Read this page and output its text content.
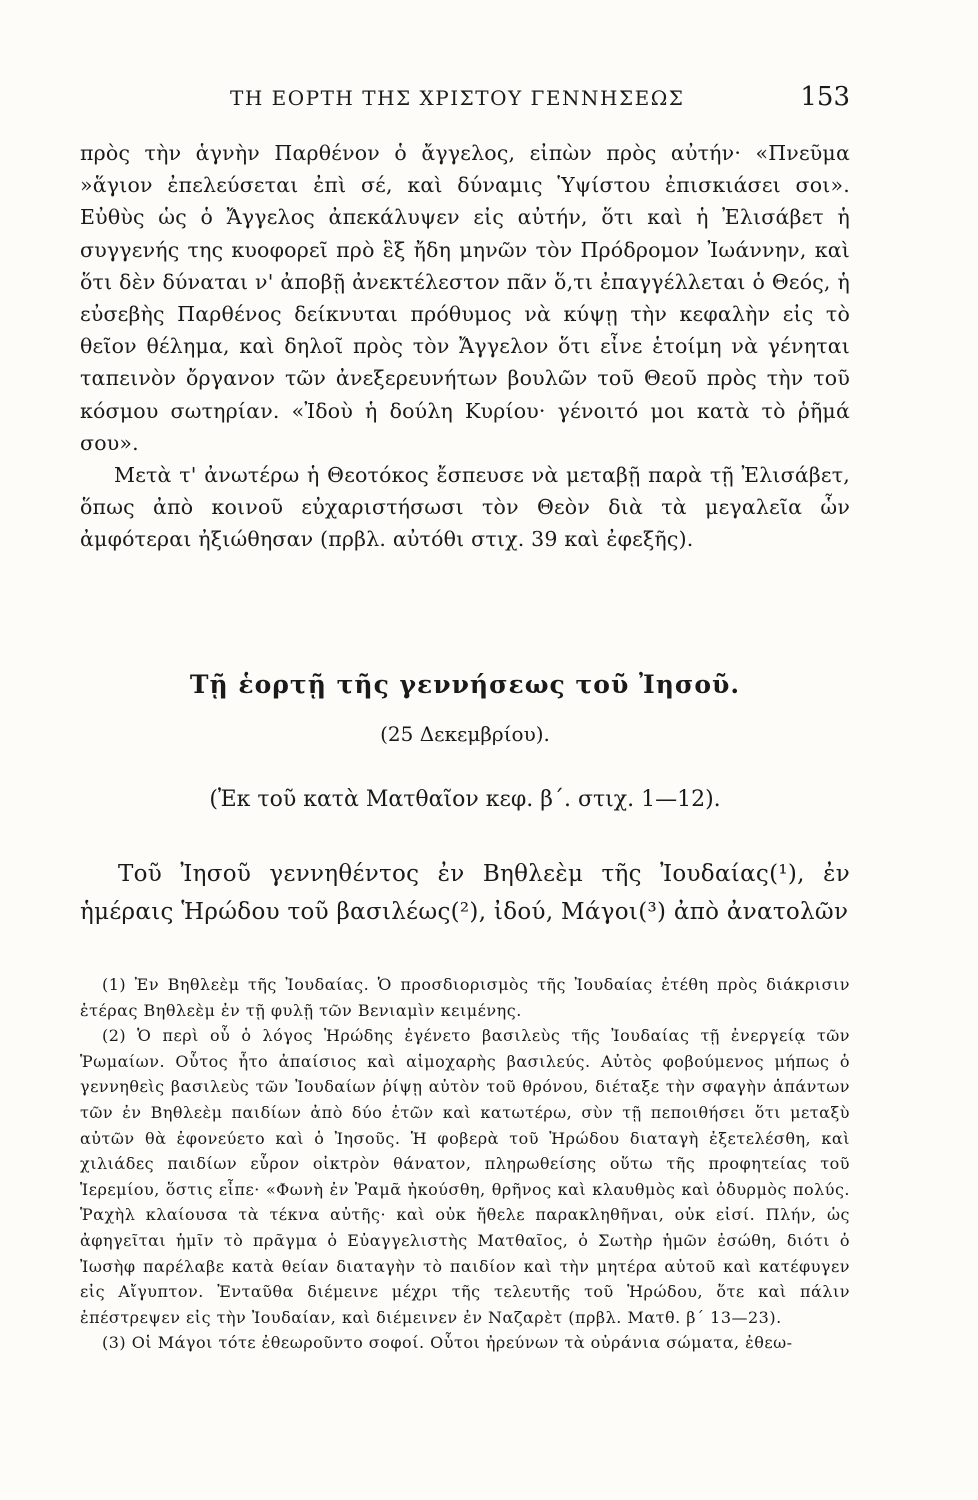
ΤΗ ΕΟΡΤΗ ΤΗΣ ΧΡΙΣΤΟΥ ΓΕΝΝΗΣΕΩΣ	153

πρὸς τὴν ἁγνὴν Παρθένον ὁ ἄγγελος, εἰπὼν πρὸς αὐτήν· «Πνεῦμα »ἅγιον ἐπελεύσεται ἐπὶ σέ, καὶ δύναμις Ὑψίστου ἐπισκιάσει σοι». Εὐθὺς ὡς ὁ Ἄγγελος ἀπεκάλυψεν εἰς αὐτήν, ὅτι καὶ ἡ Ἐλισάβετ ἡ συγγενής της κυοφορεῖ πρὸ ἓξ ἤδη μηνῶν τὸν Πρόδρομον Ἰωάννην, καὶ ὅτι δὲν δύναται ν' ἀποβῇ ἀνεκτέλεστον πᾶν ὅ,τι ἐπαγγέλλεται ὁ Θεός, ἡ εὐσεβὴς Παρθένος δείκνυται πρόθυμος νὰ κύψῃ τὴν κεφαλὴν εἰς τὸ θεῖον θέλημα, καὶ δηλοῖ πρὸς τὸν Ἄγγελον ὅτι εἶνε ἑτοίμη νὰ γένηται ταπεινὸν ὄργανον τῶν ἀνεξερευνήτων βουλῶν τοῦ Θεοῦ πρὸς τὴν τοῦ κόσμου σωτηρίαν. «Ἰδοὺ ἡ δούλη Κυρίου· γένοιτό μοι κατὰ τὸ ῥῆμά σου».

Μετὰ τ' ἀνωτέρω ἡ Θεοτόκος ἔσπευσε νὰ μεταβῇ παρὰ τῇ Ἐλισάβετ, ὅπως ἀπὸ κοινοῦ εὐχαριστήσωσι τὸν Θεὸν διὰ τὰ μεγαλεῖα ὧν ἀμφότεραι ἠξιώθησαν (πρβλ. αὐτόθι στιχ. 39 καὶ ἐφεξῆς).

Τῇ ἑορτῇ τῆς γεννήσεως τοῦ Ἰησοῦ.
(25 Δεκεμβρίου).
(Ἐκ τοῦ κατὰ Ματθαῖον κεφ. β΄. στιχ. 1—12).

Τοῦ Ἰησοῦ γεννηθέντος ἐν Βηθλεὲμ τῆς Ἰουδαίας(¹), ἐν ἡμέραις Ἡρώδου τοῦ βασιλέως(²), ἰδού, Μάγοι(³) ἀπὸ ἀνατολῶν

(1) Ἐν Βηθλεὲμ τῆς Ἰουδαίας. Ὁ προσδιορισμὸς τῆς Ἰουδαίας ἐτέθη πρὸς διάκρισιν ἑτέρας Βηθλεὲμ ἐν τῇ φυλῇ τῶν Βενιαμὶν κειμένης.

(2) Ὁ περὶ οὗ ὁ λόγος Ἡρώδης ἐγένετο βασιλεὺς τῆς Ἰουδαίας τῇ ἐνεργείᾳ τῶν Ῥωμαίων. Οὗτος ἦτο ἀπαίσιος καὶ αἱμοχαρὴς βασιλεύς. Αὐτὸς φοβούμενος μήπως ὁ γεννηθεὶς βασιλεὺς τῶν Ἰουδαίων ῥίψῃ αὐτὸν τοῦ θρόνου, διέταξε τὴν σφαγὴν ἁπάντων τῶν ἐν Βηθλεὲμ παιδίων ἀπὸ δύο ἐτῶν καὶ κατωτέρω, σὺν τῇ πεποιθήσει ὅτι μεταξὺ αὐτῶν θὰ ἐφονεύετο καὶ ὁ Ἰησοῦς. Ἡ φοβερὰ τοῦ Ἡρώδου διαταγὴ ἐξετελέσθη, καὶ χιλιάδες παιδίων εὗρον οἰκτρὸν θάνατον, πληρωθείσης οὕτω τῆς προφητείας τοῦ Ἱερεμίου, ὅστις εἶπε· «Φωνὴ ἐν Ῥαμᾶ ἠκούσθη, θρῆνος καὶ κλαυθμὸς καὶ ὀδυρμὸς πολύς. Ῥαχὴλ κλαίουσα τὰ τέκνα αὐτῆς· καὶ οὐκ ἤθελε παρακληθῆναι, οὐκ εἰσί. Πλήν, ὡς ἀφηγεῖται ἡμῖν τὸ πρᾶγμα ὁ Εὐαγγελιστὴς Ματθαῖος, ὁ Σωτὴρ ἡμῶν ἐσώθη, διότι ὁ Ἰωσὴφ παρέλαβε κατὰ θείαν διαταγὴν τὸ παιδίον καὶ τὴν μητέρα αὐτοῦ καὶ κατέφυγεν εἰς Αἴγυπτον. Ἐνταῦθα διέμεινε μέχρι τῆς τελευτῆς τοῦ Ἡρώδου, ὅτε καὶ πάλιν ἐπέστρεψεν εἰς τὴν Ἰουδαίαν, καὶ διέμεινεν ἐν Ναζαρὲτ (πρβλ. Ματθ. β΄ 13—23).

(3) Οἱ Μάγοι τότε ἐθεωροῦντο σοφοί. Οὗτοι ἠρεύνων τὰ οὐράνια σώματα, ἐθεω-
